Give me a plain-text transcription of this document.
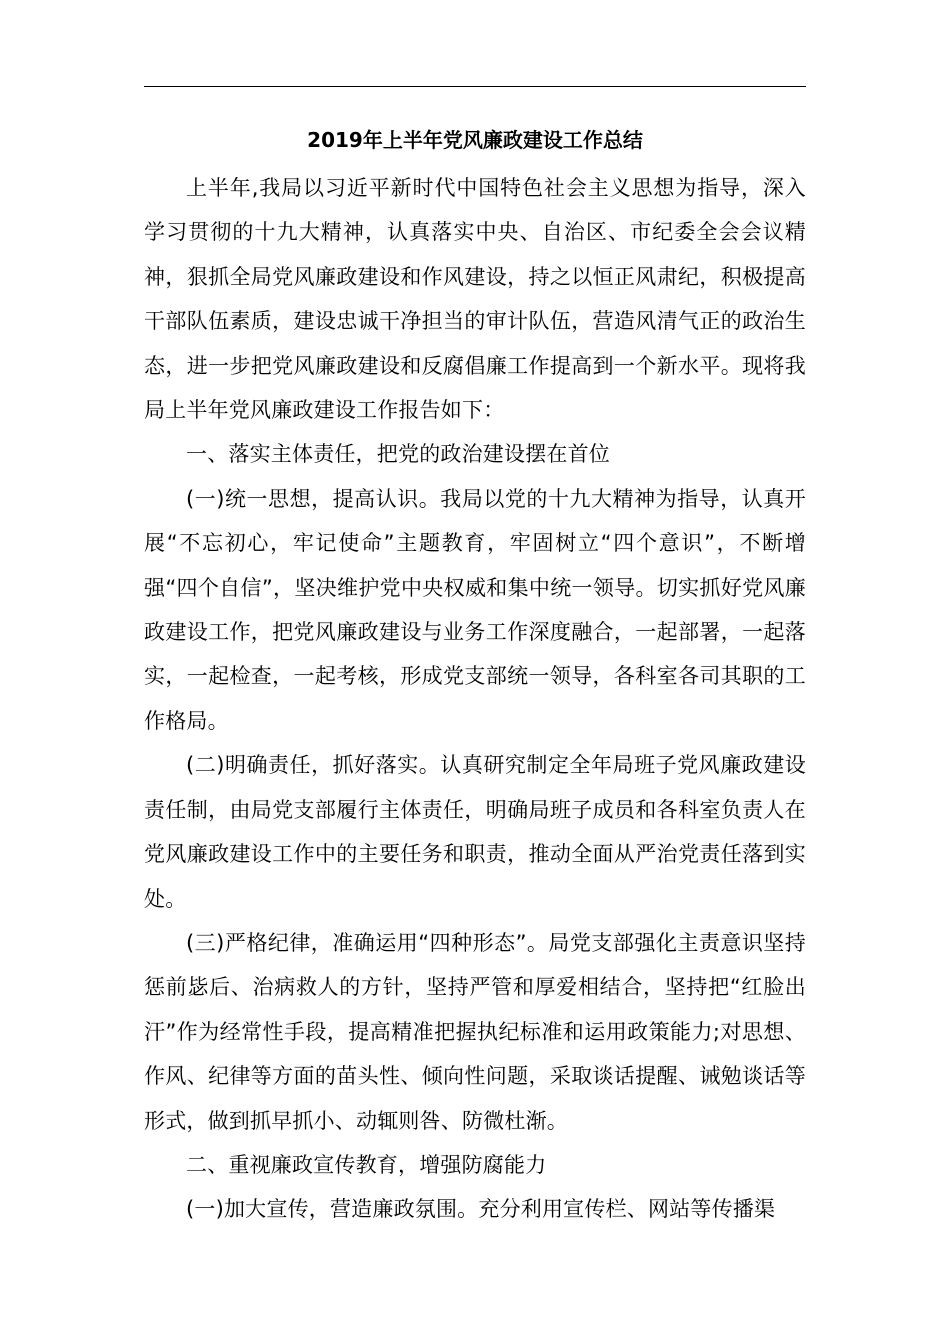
2019年上半年党风廉政建设工作总结

上半年,我局以习近平新时代中国特色社会主义思想为指导，深入学习贯彻的十九大精神，认真落实中央、自治区、市纪委全会会议精神，狠抓全局党风廉政建设和作风建设，持之以恒正风肃纪，积极提高干部队伍素质，建设忠诚干净担当的审计队伍，营造风清气正的政治生态，进一步把党风廉政建设和反腐倡廉工作提高到一个新水平。现将我局上半年党风廉政建设工作报告如下：

一、落实主体责任，把党的政治建设摆在首位

(一)统一思想，提高认识。我局以党的十九大精神为指导，认真开展“不忘初心，牢记使命”主题教育，牢固树立“四个意识”，不断增强“四个自信”，坚决维护党中央权威和集中统一领导。切实抓好党风廉政建设工作，把党风廉政建设与业务工作深度融合，一起部署，一起落实，一起检查，一起考核，形成党支部统一领导，各科室各司其职的工作格局。

(二)明确责任，抓好落实。认真研究制定全年局班子党风廉政建设责任制，由局党支部履行主体责任，明确局班子成员和各科室负责人在党风廉政建设工作中的主要任务和职责，推动全面从严治党责任落到实处。

(三)严格纪律，准确运用“四种形态”。局党支部强化主责意识坚持惩前毖后、治病救人的方针，坚持严管和厚爱相结合，坚持把“红脸出汗”作为经常性手段，提高精准把握执纪标准和运用政策能力;对思想、作风、纪律等方面的苗头性、倾向性问题，采取谈话提醒、诫勉谈话等形式，做到抓早抓小、动辄则咎、防微杜渐。

二、重视廉政宣传教育，增强防腐能力

(一)加大宣传，营造廉政氛围。充分利用宣传栏、网站等传播渠
